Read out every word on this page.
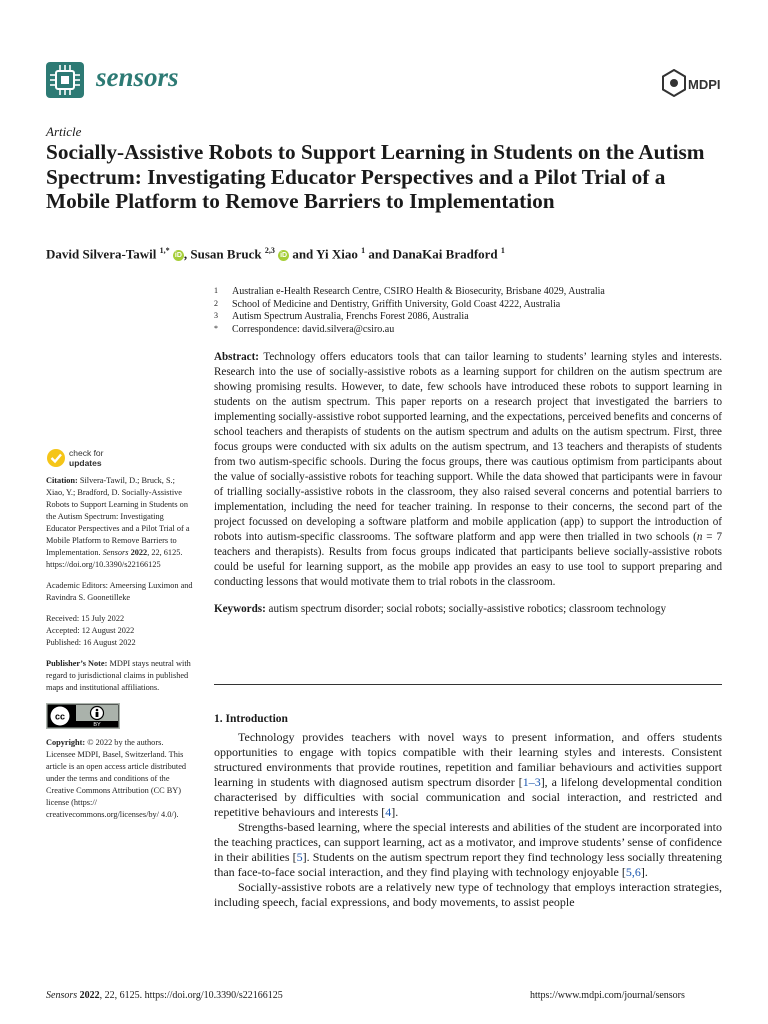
sensors	MDPI
Article
Socially-Assistive Robots to Support Learning in Students on the Autism Spectrum: Investigating Educator Perspectives and a Pilot Trial of a Mobile Platform to Remove Barriers to Implementation
David Silvera-Tawil $^{1,*}$ iD , Susan Bruck $^{2,3}$ iD and Yi Xiao $^1$ and DanaKai Bradford $^1$
1	Australian e-Health Research Centre, CSIRO Health & Biosecurity, Brisbane 4029, Australia
2	School of Medicine and Dentistry, Griffith University, Gold Coast 4222, Australia
3	Autism Spectrum Australia, Frenchs Forest 2086, Australia
*	Correspondence: david.silvera@csiro.au

Abstract: Technology offers educators tools that can tailor learning to students’ learning styles and interests. Research into the use of socially-assistive robots as a learning support for children on the autism spectrum are showing promising results. However, to date, few schools have introduced these robots to support learning in students on the autism spectrum. This paper reports on a research project that investigated the barriers to implementing socially-assistive robot supported learning, and the expectations, perceived benefits and concerns of school teachers and therapists of students on the autism spectrum and adults on the autism spectrum. First, three focus groups were conducted with six adults on the autism spectrum, and 13 teachers and therapists of students from two autism-specific schools. During the focus groups, there was cautious optimism from participants about the value of socially-assistive robots for teaching support. While the data showed that participants were in favour of trialling socially-assistive robots in the classroom, they also raised several concerns and potential barriers to implementation, including the need for teacher training. In response to their concerns, the second part of the project focussed on developing a software platform and mobile application (app) to support the introduction of robots into autism-specific classrooms. The software platform and app were then trialled in two schools (n = 7 teachers and therapists). Results from focus groups indicated that participants believe socially-assistive robots could be useful for learning support, as the mobile app provides an easy to use tool to support preparing and conducting lessons that would motivate them to trial robots in the classroom.

Keywords: autism spectrum disorder; social robots; socially-assistive robotics; classroom technology

1. Introduction

Technology provides teachers with novel ways to present information, and offers students opportunities to engage with topics compatible with their learning styles and interests. Consistent structured environments that provide routines, repetition and familiar behaviours and activities support learning in students with diagnosed autism spectrum disorder [1–3], a lifelong developmental condition characterised by difficulties with social communication and social interaction, and restricted and repetitive behaviours and interests [4].

Strengths-based learning, where the special interests and abilities of the student are incorporated into the teaching practices, can support learning, act as a motivator, and improve students’ sense of confidence in their abilities [5]. Students on the autism spectrum report they find technology less socially threatening than face-to-face social interaction, and they find playing with technology enjoyable [5,6].

Socially-assistive robots are a relatively new type of technology that employs interaction strategies, including speech, facial expressions, and body movements, to assist people

check for
updates

Citation: Silvera-Tawil, D.; Bruck, S.; Xiao, Y.; Bradford, D. Socially-Assistive Robots to Support Learning in Students on the Autism Spectrum: Investigating Educator Perspectives and a Pilot Trial of a Mobile Platform to Remove Barriers to Implementation. Sensors 2022, 22, 6125. https://doi.org/10.3390/s22166125

Academic Editors: Ameersing Luximon and Ravindra S. Goonetilleke

Received: 15 July 2022
Accepted: 12 August 2022
Published: 16 August 2022

Publisher’s Note: MDPI stays neutral with regard to jurisdictional claims in published maps and institutional affiliations.

cc
BY

Copyright: © 2022 by the authors. Licensee MDPI, Basel, Switzerland. This article is an open access article distributed under the terms and conditions of the Creative Commons Attribution (CC BY) license (https:// creativecommons.org/licenses/by/ 4.0/).

Sensors 2022, 22, 6125. https://doi.org/10.3390/s22166125	https://www.mdpi.com/journal/sensors
